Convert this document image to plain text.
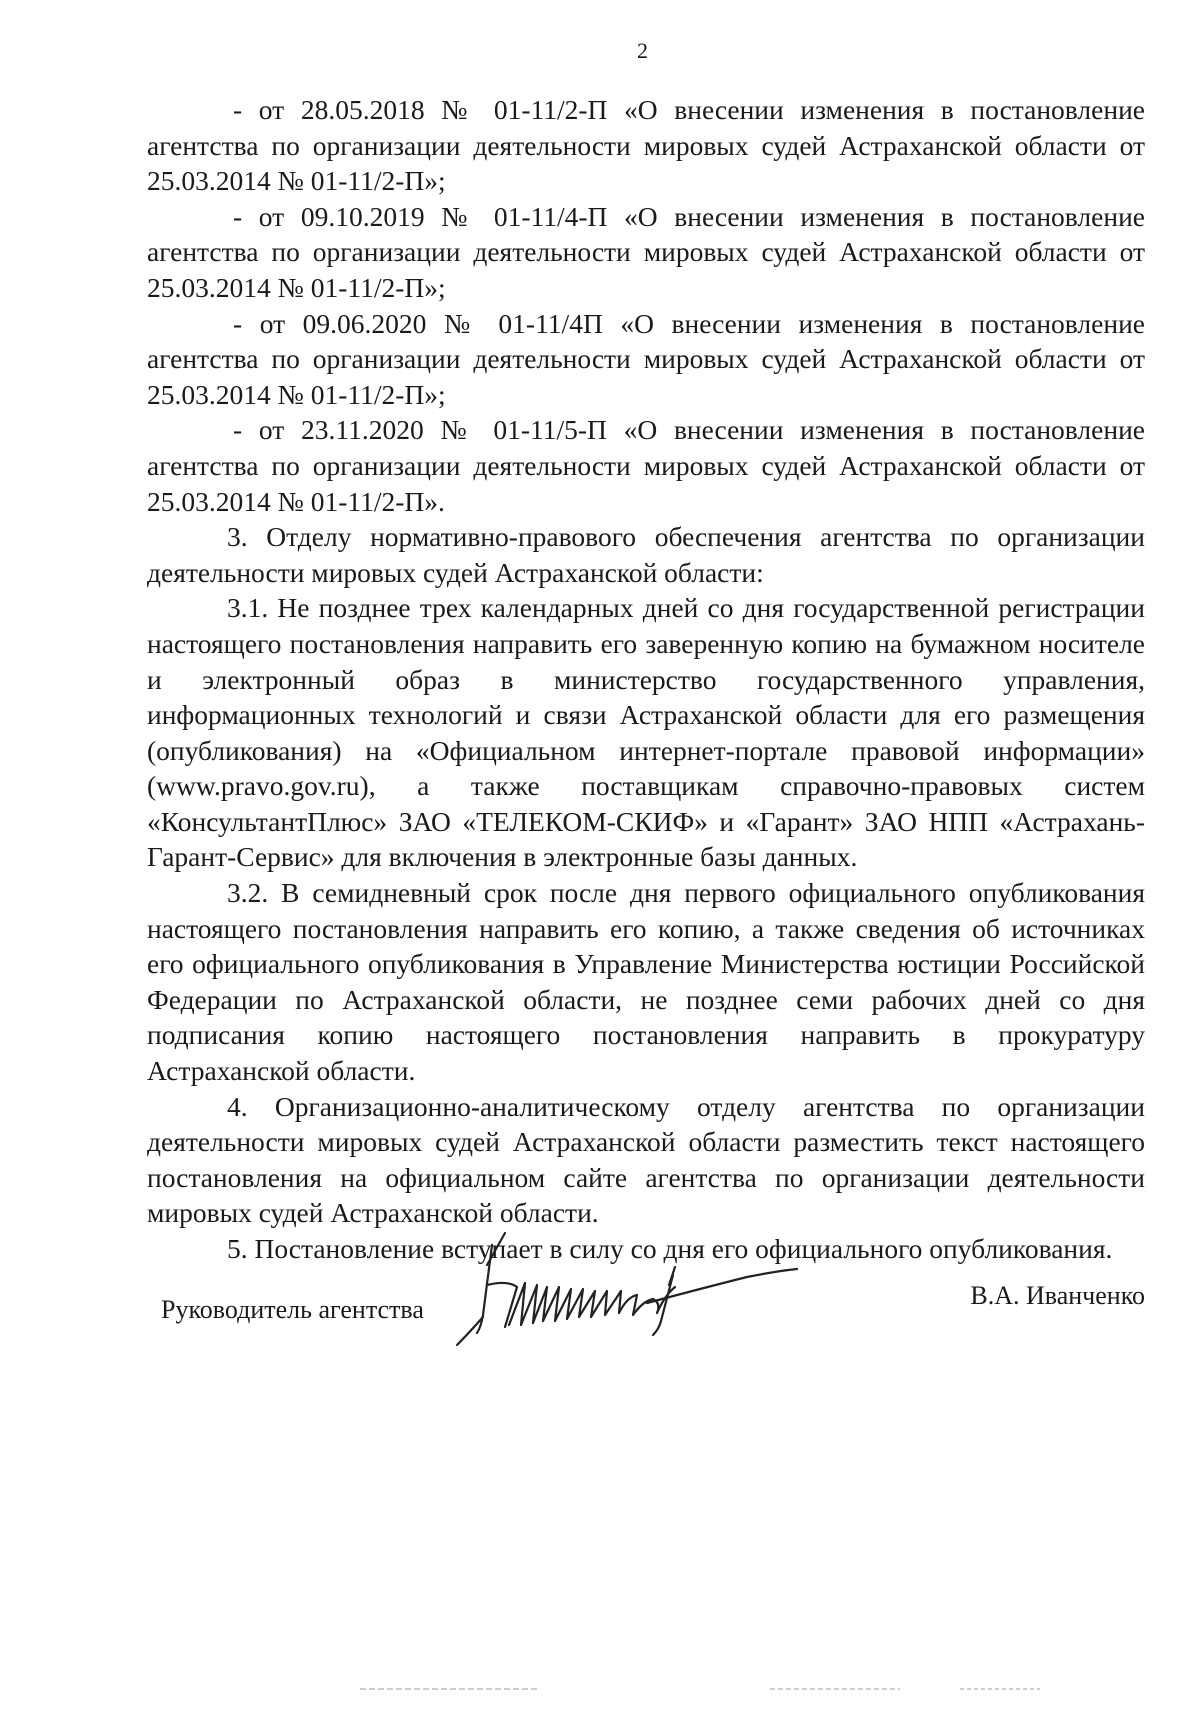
2

- от 28.05.2018 № 01-11/2-П «О внесении изменения в постановление агентства по организации деятельности мировых судей Астраханской области от 25.03.2014 № 01-11/2-П»;

- от 09.10.2019 № 01-11/4-П «О внесении изменения в постановление агентства по организации деятельности мировых судей Астраханской области от 25.03.2014 № 01-11/2-П»;

- от 09.06.2020 № 01-11/4П «О внесении изменения в постановление агентства по организации деятельности мировых судей Астраханской области от 25.03.2014 № 01-11/2-П»;

- от 23.11.2020 № 01-11/5-П «О внесении изменения в постановление агентства по организации деятельности мировых судей Астраханской области от 25.03.2014 № 01-11/2-П».

3. Отделу нормативно-правового обеспечения агентства по организации деятельности мировых судей Астраханской области:

3.1. Не позднее трех календарных дней со дня государственной регистрации настоящего постановления направить его заверенную копию на бумажном носителе и электронный образ в министерство государственного управления, информационных технологий и связи Астраханской области для его размещения (опубликования) на «Официальном интернет-портале правовой информации» (www.pravo.gov.ru), а также поставщикам справочно-правовых систем «КонсультантПлюс» ЗАО «ТЕЛЕКОМ-СКИФ» и «Гарант» ЗАО НПП «Астрахань-Гарант-Сервис» для включения в электронные базы данных.

3.2. В семидневный срок после дня первого официального опубликования настоящего постановления направить его копию, а также сведения об источниках его официального опубликования в Управление Министерства юстиции Российской Федерации по Астраханской области, не позднее семи рабочих дней со дня подписания копию настоящего постановления направить в прокуратуру Астраханской области.

4. Организационно-аналитическому отделу агентства по организации деятельности мировых судей Астраханской области разместить текст настоящего постановления на официальном сайте агентства по организации деятельности мировых судей Астраханской области.

5. Постановление вступает в силу со дня его официального опубликования.

Руководитель агентства	В.А. Иванченко
